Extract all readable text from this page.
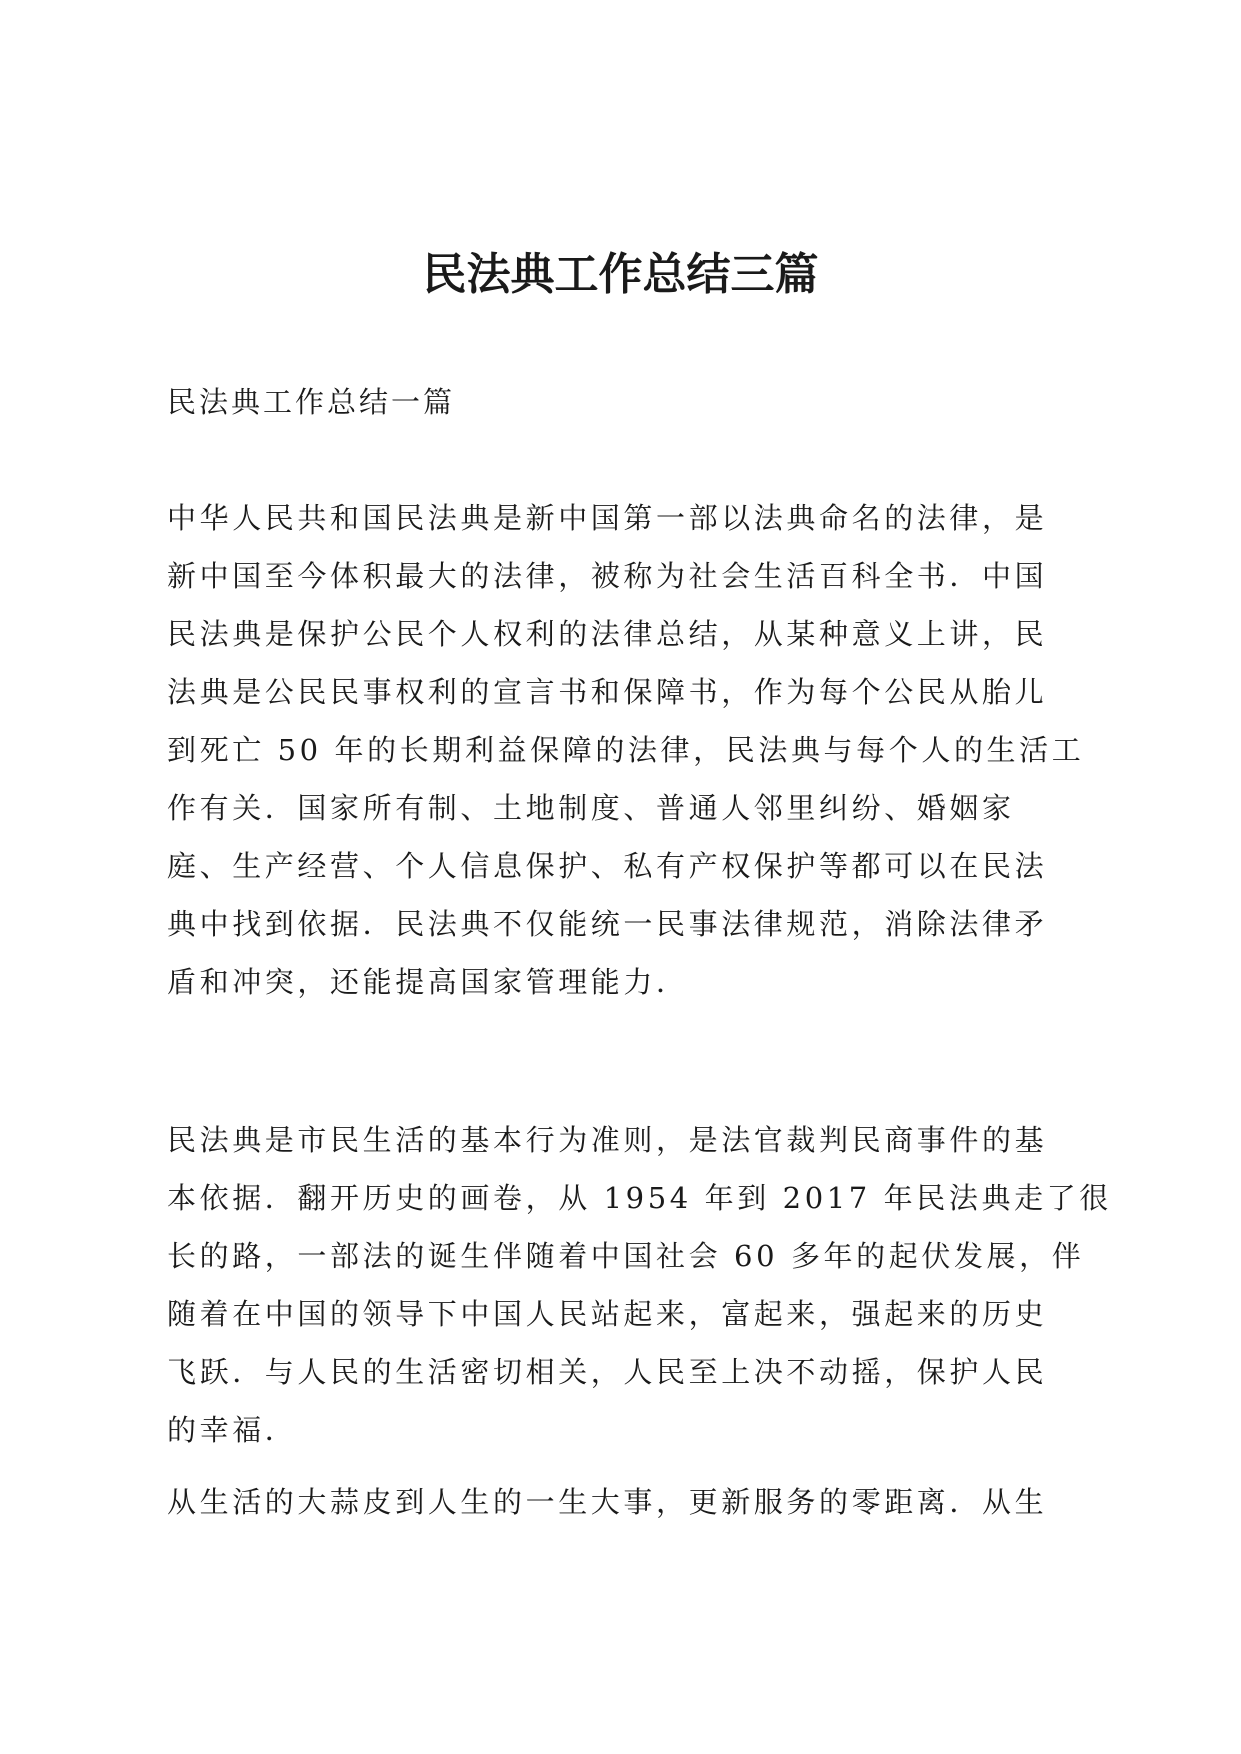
民法典工作总结三篇
民法典工作总结一篇
中华人民共和国民法典是新中国第一部以法典命名的法律，是
新中国至今体积最大的法律，被称为社会生活百科全书．中国
民法典是保护公民个人权利的法律总结，从某种意义上讲，民
法典是公民民事权利的宣言书和保障书，作为每个公民从胎儿
到死亡 50 年的长期利益保障的法律，民法典与每个人的生活工
作有关．国家所有制、土地制度、普通人邻里纠纷、婚姻家
庭、生产经营、个人信息保护、私有产权保护等都可以在民法
典中找到依据．民法典不仅能统一民事法律规范，消除法律矛
盾和冲突，还能提高国家管理能力．
民法典是市民生活的基本行为准则，是法官裁判民商事件的基
本依据．翻开历史的画卷，从 1954 年到 2017 年民法典走了很
长的路，一部法的诞生伴随着中国社会 60 多年的起伏发展，伴
随着在中国的领导下中国人民站起来，富起来，强起来的历史
飞跃．与人民的生活密切相关，人民至上决不动摇，保护人民
的幸福．
从生活的大蒜皮到人生的一生大事，更新服务的零距离．从生
